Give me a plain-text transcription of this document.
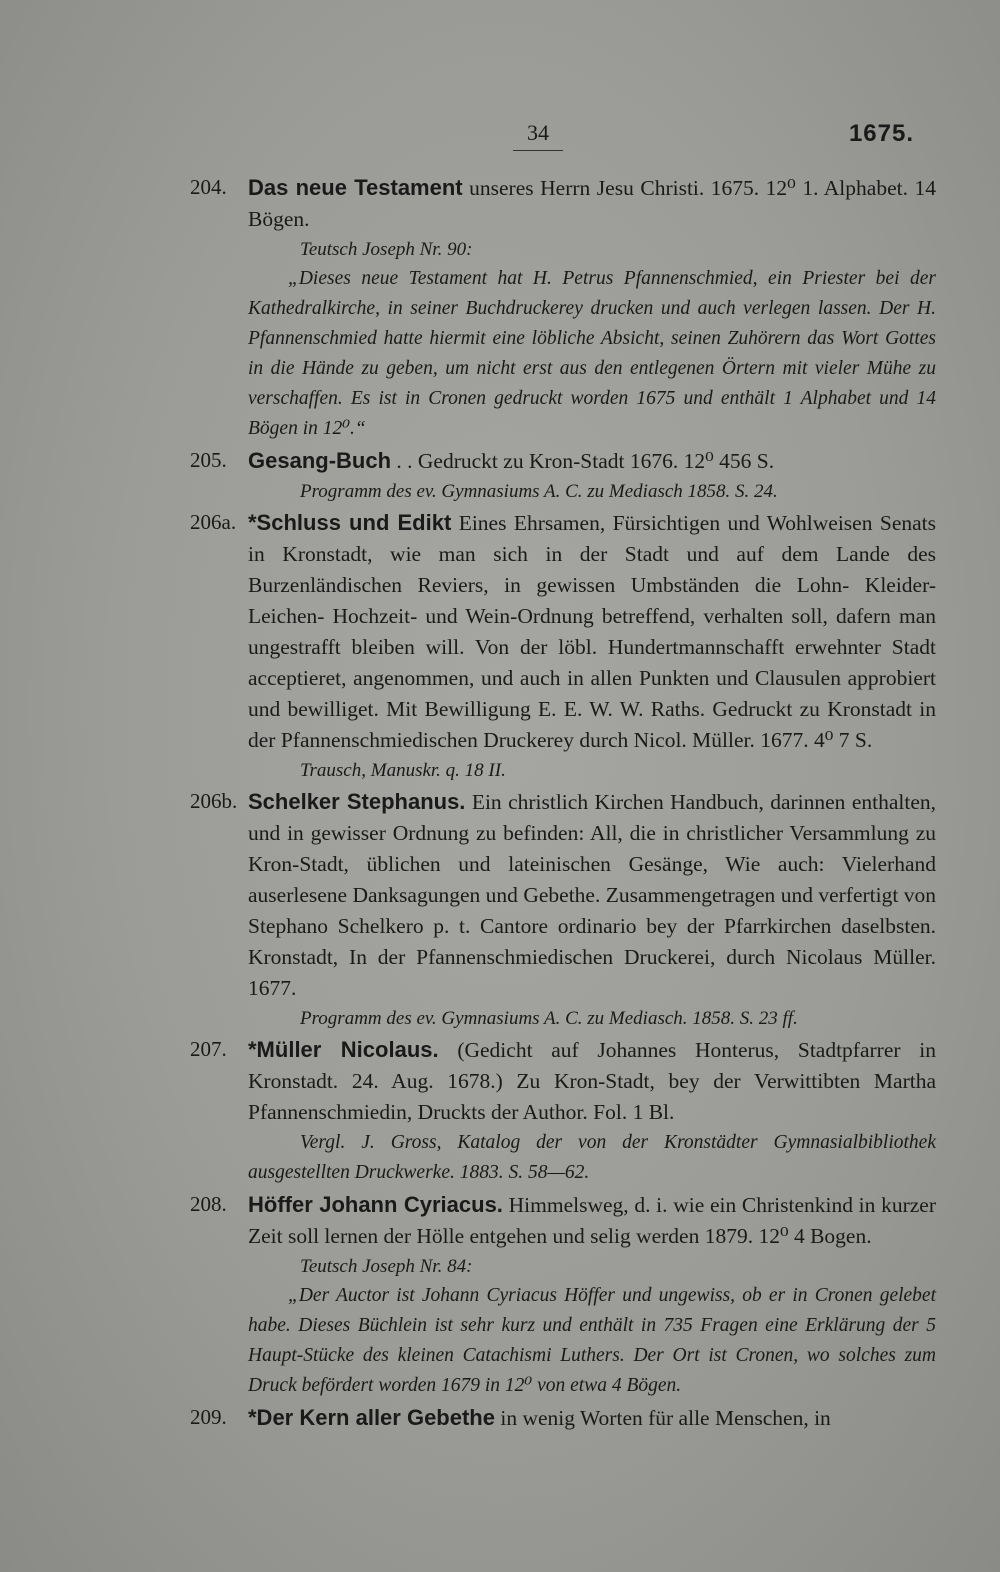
34	1675.
204. Das neue Testament unseres Herrn Jesu Christi. 1675. 12⁰ 1. Alphabet. 14 Bögen.

Teutsch Joseph Nr. 90:

„Dieses neue Testament hat H. Petrus Pfannenschmied, ein Priester bei der Kathedralkirche, in seiner Buchdruckerey drucken und auch verlegen lassen. Der H. Pfannenschmied hatte hiermit eine löbliche Absicht, seinen Zuhörern das Wort Gottes in die Hände zu geben, um nicht erst aus den entlegenen Örtern mit vieler Mühe zu verschaffen. Es ist in Cronen gedruckt worden 1675 und enthält 1 Alphabet und 14 Bögen in 12⁰.“

205. Gesang-Buch . . Gedruckt zu Kron-Stadt 1676. 12⁰ 456 S.

Programm des ev. Gymnasiums A. C. zu Mediasch 1858. S. 24.

206a. *Schluss und Edikt Eines Ehrsamen, Fürsichtigen und Wohlweisen Senats in Kronstadt, wie man sich in der Stadt und auf dem Lande des Burzenländischen Reviers, in gewissen Umbständen die Lohn- Kleider- Leichen- Hochzeit- und Wein-Ordnung betreffend, verhalten soll, dafern man ungestrafft bleiben will. Von der löbl. Hundertmannschafft erwehnter Stadt acceptieret, angenommen, und auch in allen Punkten und Clausulen approbiert und bewilliget. Mit Bewilligung E. E. W. W. Raths. Gedruckt zu Kronstadt in der Pfannenschmiedischen Druckerey durch Nicol. Müller. 1677. 4⁰ 7 S.

Trausch, Manuskr. q. 18 II.

206b. Schelker Stephanus. Ein christlich Kirchen Handbuch, darinnen enthalten, und in gewisser Ordnung zu befinden: All, die in christlicher Versammlung zu Kron-Stadt, üblichen und lateinischen Gesänge, Wie auch: Vielerhand auserlesene Danksagungen und Gebethe. Zusammengetragen und verfertigt von Stephano Schelkero p. t. Cantore ordinario bey der Pfarrkirchen daselbsten. Kronstadt, In der Pfannenschmiedischen Druckerei, durch Nicolaus Müller. 1677.

Programm des ev. Gymnasiums A. C. zu Mediasch. 1858. S. 23 ff.

207. *Müller Nicolaus. (Gedicht auf Johannes Honterus, Stadtpfarrer in Kronstadt. 24. Aug. 1678.) Zu Kron-Stadt, bey der Verwittibten Martha Pfannenschmiedin, Druckts der Author. Fol. 1 Bl.

Vergl. J. Gross, Katalog der von der Kronstädter Gymnasialbibliothek ausgestellten Druckwerke. 1883. S. 58—62.

208. Höffer Johann Cyriacus. Himmelsweg, d. i. wie ein Christenkind in kurzer Zeit soll lernen der Hölle entgehen und selig werden 1879. 12⁰ 4 Bogen.

Teutsch Joseph Nr. 84:

„Der Auctor ist Johann Cyriacus Höffer und ungewiss, ob er in Cronen gelebet habe. Dieses Büchlein ist sehr kurz und enthält in 735 Fragen eine Erklärung der 5 Haupt-Stücke des kleinen Catachismi Luthers. Der Ort ist Cronen, wo solches zum Druck befördert worden 1679 in 12⁰ von etwa 4 Bögen.

209. *Der Kern aller Gebethe in wenig Worten für alle Menschen, in
